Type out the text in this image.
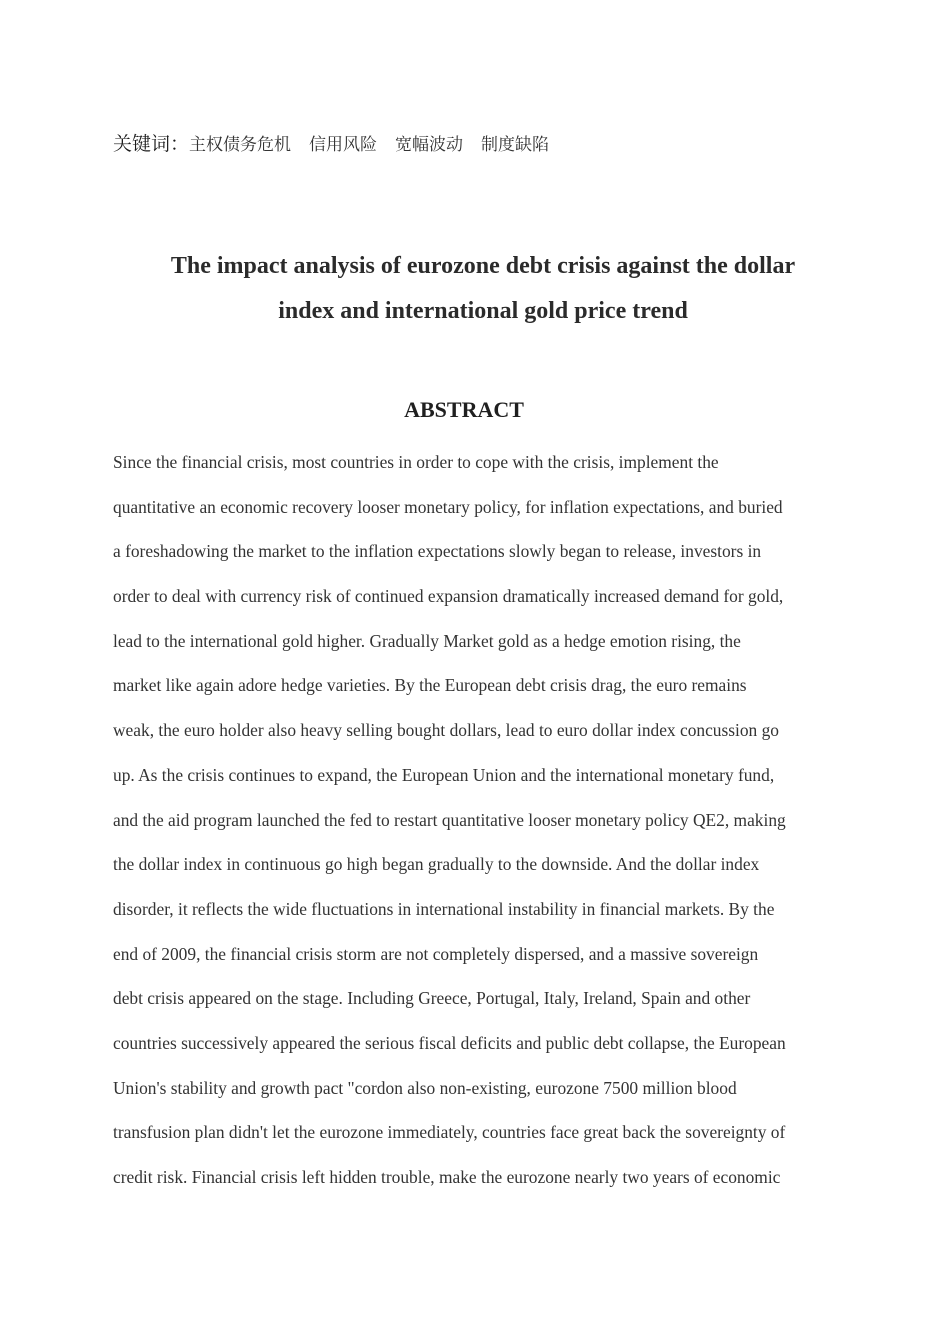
关键词：主权债务危机 信用风险 宽幅波动 制度缺陷
The impact analysis of eurozone debt crisis against the dollar
index and international gold price trend
ABSTRACT
Since the financial crisis, most countries in order to cope with the crisis, implement the
quantitative an economic recovery looser monetary policy, for inflation expectations, and buried
a foreshadowing the market to the inflation expectations slowly began to release, investors in
order to deal with currency risk of continued expansion dramatically increased demand for gold,
lead to the international gold higher. Gradually Market gold as a hedge emotion rising, the
market like again adore hedge varieties. By the European debt crisis drag, the euro remains
weak, the euro holder also heavy selling bought dollars, lead to euro dollar index concussion go
up. As the crisis continues to expand, the European Union and the international monetary fund,
and the aid program launched the fed to restart quantitative looser monetary policy QE2, making
the dollar index in continuous go high began gradually to the downside. And the dollar index
disorder, it reflects the wide fluctuations in international instability in financial markets. By the
end of 2009, the financial crisis storm are not completely dispersed, and a massive sovereign
debt crisis appeared on the stage. Including Greece, Portugal, Italy, Ireland, Spain and other
countries successively appeared the serious fiscal deficits and public debt collapse, the European
Union's stability and growth pact "cordon also non-existing, eurozone 7500 million blood
transfusion plan didn't let the eurozone immediately, countries face great back the sovereignty of
credit risk. Financial crisis left hidden trouble, make the eurozone nearly two years of economic
